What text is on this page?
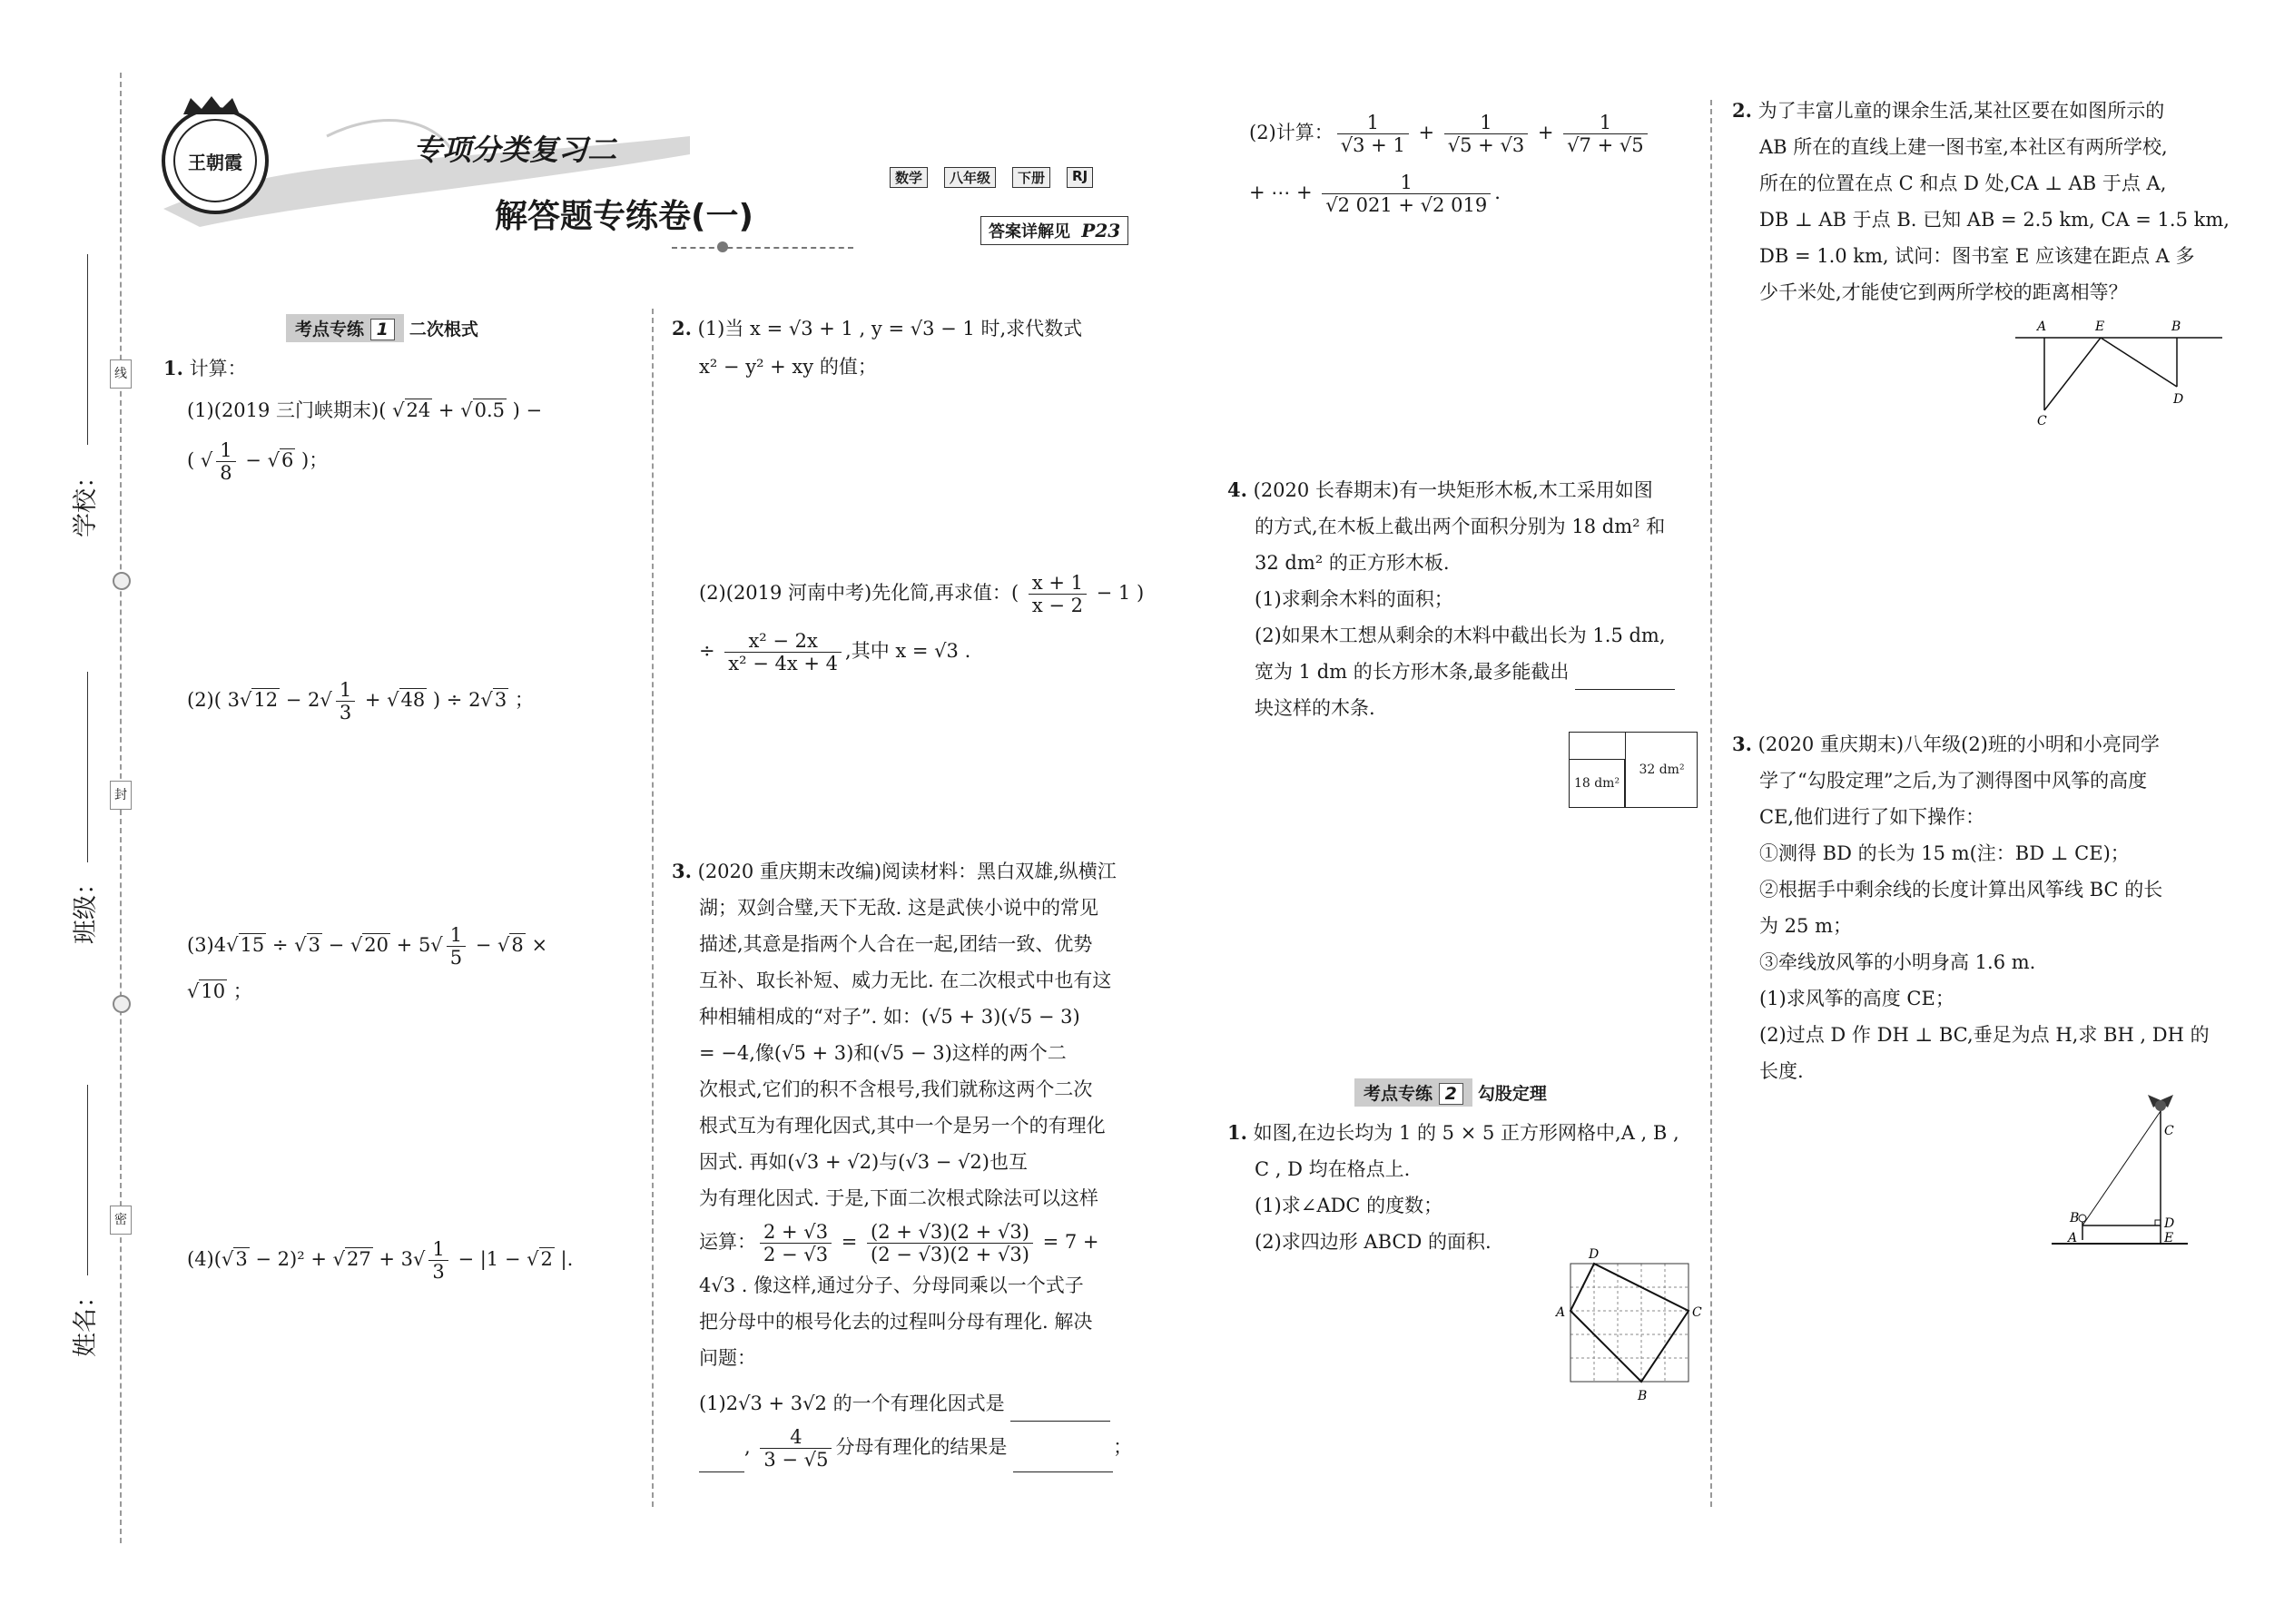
线
封
密
学校：
班级：
姓名：
王朝霞	专项分类复习二
解答题专练卷(一)
数学	八年级	下册	RJ
答案详解见 P23
考点专练 1	二次根式
1. 计算：
(1)(2019 三门峡期末)( √24 + √0.5 ) −
( √ $\frac{1}{8} - √6$ )；
(2)( $3√12 - 2√ \frac{1}{3} + √48$ ) ÷ 2√3 ；
$(3)4√15 \div √3 - √20 + 5√ \frac{1}{5} - √8$ ×
√10 ；
$(4)(√3 - 2)^2 + √27 + 3√ \frac{1}{3} - |1 - √2$ |.
2. (1)当 x = √3 + 1 , y = √3 − 1 时,求代数式
x² − y² + xy 的值；
(2)(2019 河南中考)先化简,再求值：( $\frac{x + 1}{x - 2} - 1$ )
÷ $\frac{\text{x² − 2x}}{\text{x² − 4x + 4}}$ ,其中 x = √3 .
3. (2020 重庆期末改编)阅读材料：黑白双雄,纵横江
湖；双剑合璧,天下无敌. 这是武侠小说中的常见
描述,其意是指两个人合在一起,团结一致、优势
互补、取长补短、威力无比. 在二次根式中也有这
种相辅相成的“对子”. 如：(√5 + 3)(√5 − 3)
= −4,像(√5 + 3)和(√5 − 3)这样的两个二
次根式,它们的积不含根号,我们就称这两个二次
根式互为有理化因式,其中一个是另一个的有理化
因式. 再如(√3 + √2)与(√3 − √2)也互
为有理化因式. 于是,下面二次根式除法可以这样
运算： $\frac{2 + √3}{2 - √3} = \frac{(2 + √3)(2 + √3)}{(2 - √3)(2 + √3)} = 7$ +
4√3 . 像这样,通过分子、分母同乘以一个式子
把分母中的根号化去的过程叫分母有理化. 解决
问题：
(1)2√3 + 3√2 的一个有理化因式是
, $\frac{4}{3 - √5}$ 分母有理化的结果是	；
(2)计算： $\frac{1}{√3 + 1} + \frac{1}{√5 + √3} + \frac{1}{√7 + √5}$
+ ⋯ + $\frac{1}{√2 021 + √2 019}$ .
4. (2020 长春期末)有一块矩形木板,木工采用如图
的方式,在木板上截出两个面积分别为 18 dm² 和
32 dm² 的正方形木板.
(1)求剩余木料的面积；
(2)如果木工想从剩余的木料中截出长为 1.5 dm,
宽为 1 dm 的长方形木条,最多能截出
块这样的木条.
18 dm²
32 dm²
考点专练 2	勾股定理
1. 如图,在边长均为 1 的 5 × 5 正方形网格中,A , B ,
C , D 均在格点上.
(1)求∠ADC 的度数；
(2)求四边形 ABCD 的面积.
A
B
C
D
2. 为了丰富儿童的课余生活,某社区要在如图所示的
AB 所在的直线上建一图书室,本社区有两所学校,
所在的位置在点 C 和点 D 处,CA ⊥ AB 于点 A,
DB ⊥ AB 于点 B. 已知 AB = 2.5 km, CA = 1.5 km,
DB = 1.0 km, 试问：图书室 E 应该建在距点 A 多
少千米处,才能使它到两所学校的距离相等？
A	E	B
D
C
3. (2020 重庆期末)八年级(2)班的小明和小亮同学
学了“勾股定理”之后,为了测得图中风筝的高度
CE,他们进行了如下操作：
①测得 BD 的长为 15 m(注：BD ⊥ CE)；
②根据手中剩余线的长度计算出风筝线 BC 的长
为 25 m；
③牵线放风筝的小明身高 1.6 m.
(1)求风筝的高度 CE；
(2)过点 D 作 DH ⊥ BC,垂足为点 H,求 BH , DH 的
长度.
C
B	D
A	E
